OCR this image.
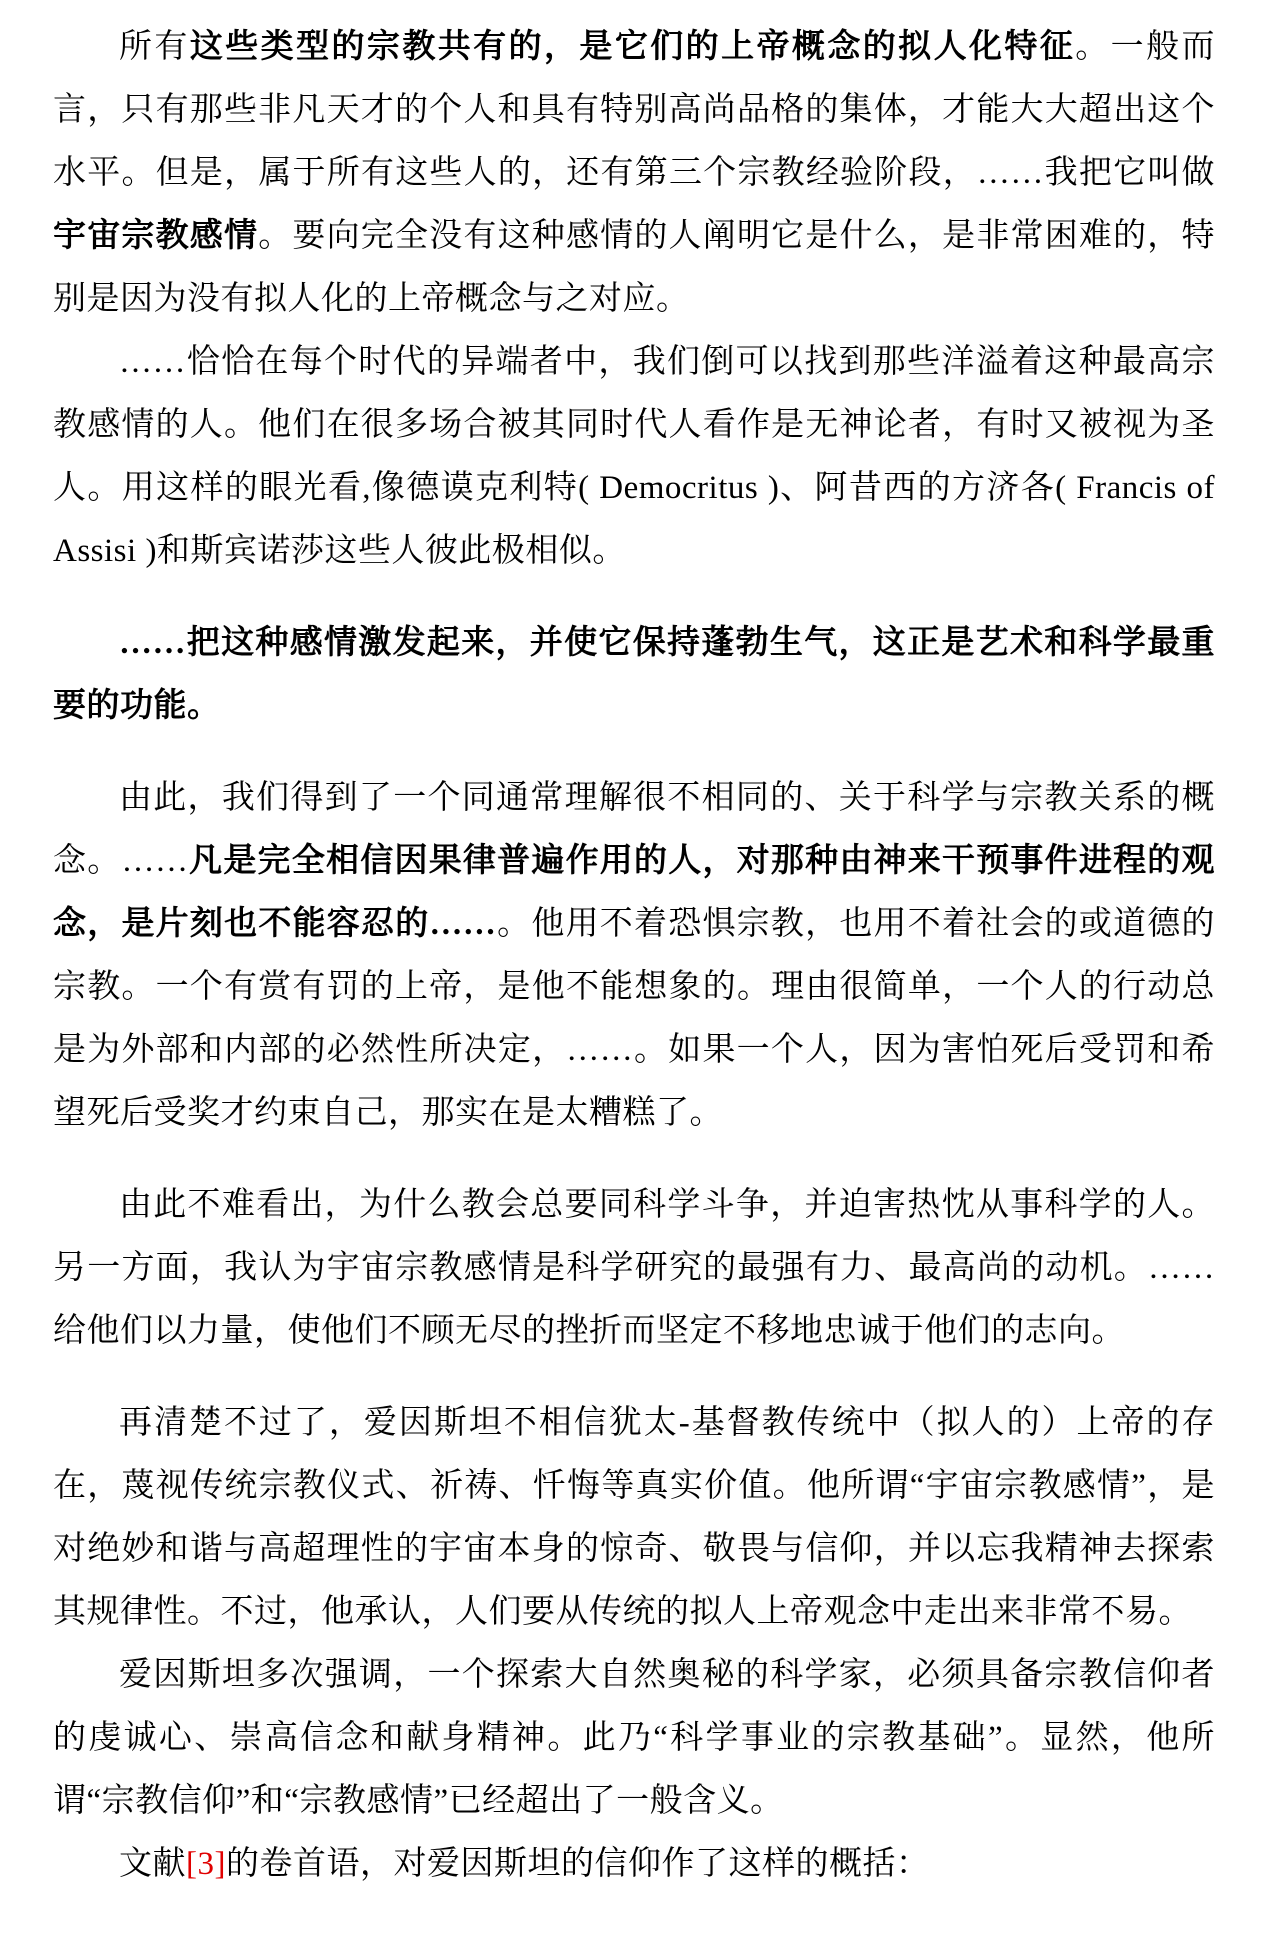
所有这些类型的宗教共有的，是它们的上帝概念的拟人化特征。一般而言，只有那些非凡天才的个人和具有特别高尚品格的集体，才能大大超出这个水平。但是，属于所有这些人的，还有第三个宗教经验阶段，……我把它叫做宇宙宗教感情。要向完全没有这种感情的人阐明它是什么，是非常困难的，特别是因为没有拟人化的上帝概念与之对应。

……恰恰在每个时代的异端者中，我们倒可以找到那些洋溢着这种最高宗教感情的人。他们在很多场合被其同时代人看作是无神论者，有时又被视为圣人。用这样的眼光看,像德谟克利特( Democritus )、阿昔西的方济各( Francis of Assisi )和斯宾诺莎这些人彼此极相似。

……把这种感情激发起来，并使它保持蓬勃生气，这正是艺术和科学最重要的功能。

由此，我们得到了一个同通常理解很不相同的、关于科学与宗教关系的概念。……凡是完全相信因果律普遍作用的人，对那种由神来干预事件进程的观念，是片刻也不能容忍的……。他用不着恐惧宗教，也用不着社会的或道德的宗教。一个有赏有罚的上帝，是他不能想象的。理由很简单，一个人的行动总是为外部和内部的必然性所决定，……。如果一个人，因为害怕死后受罚和希望死后受奖才约束自己，那实在是太糟糕了。

由此不难看出，为什么教会总要同科学斗争，并迫害热忱从事科学的人。另一方面，我认为宇宙宗教感情是科学研究的最强有力、最高尚的动机。……给他们以力量，使他们不顾无尽的挫折而坚定不移地忠诚于他们的志向。

再清楚不过了，爱因斯坦不相信犹太-基督教传统中（拟人的）上帝的存在，蔑视传统宗教仪式、祈祷、忏悔等真实价值。他所谓“宇宙宗教感情”，是对绝妙和谐与高超理性的宇宙本身的惊奇、敬畏与信仰，并以忘我精神去探索其规律性。不过，他承认，人们要从传统的拟人上帝观念中走出来非常不易。

爱因斯坦多次强调，一个探索大自然奥秘的科学家，必须具备宗教信仰者的虔诚心、崇高信念和献身精神。此乃“科学事业的宗教基础”。显然，他所谓“宗教信仰”和“宗教感情”已经超出了一般含义。

文献[3]的卷首语，对爱因斯坦的信仰作了这样的概括：
